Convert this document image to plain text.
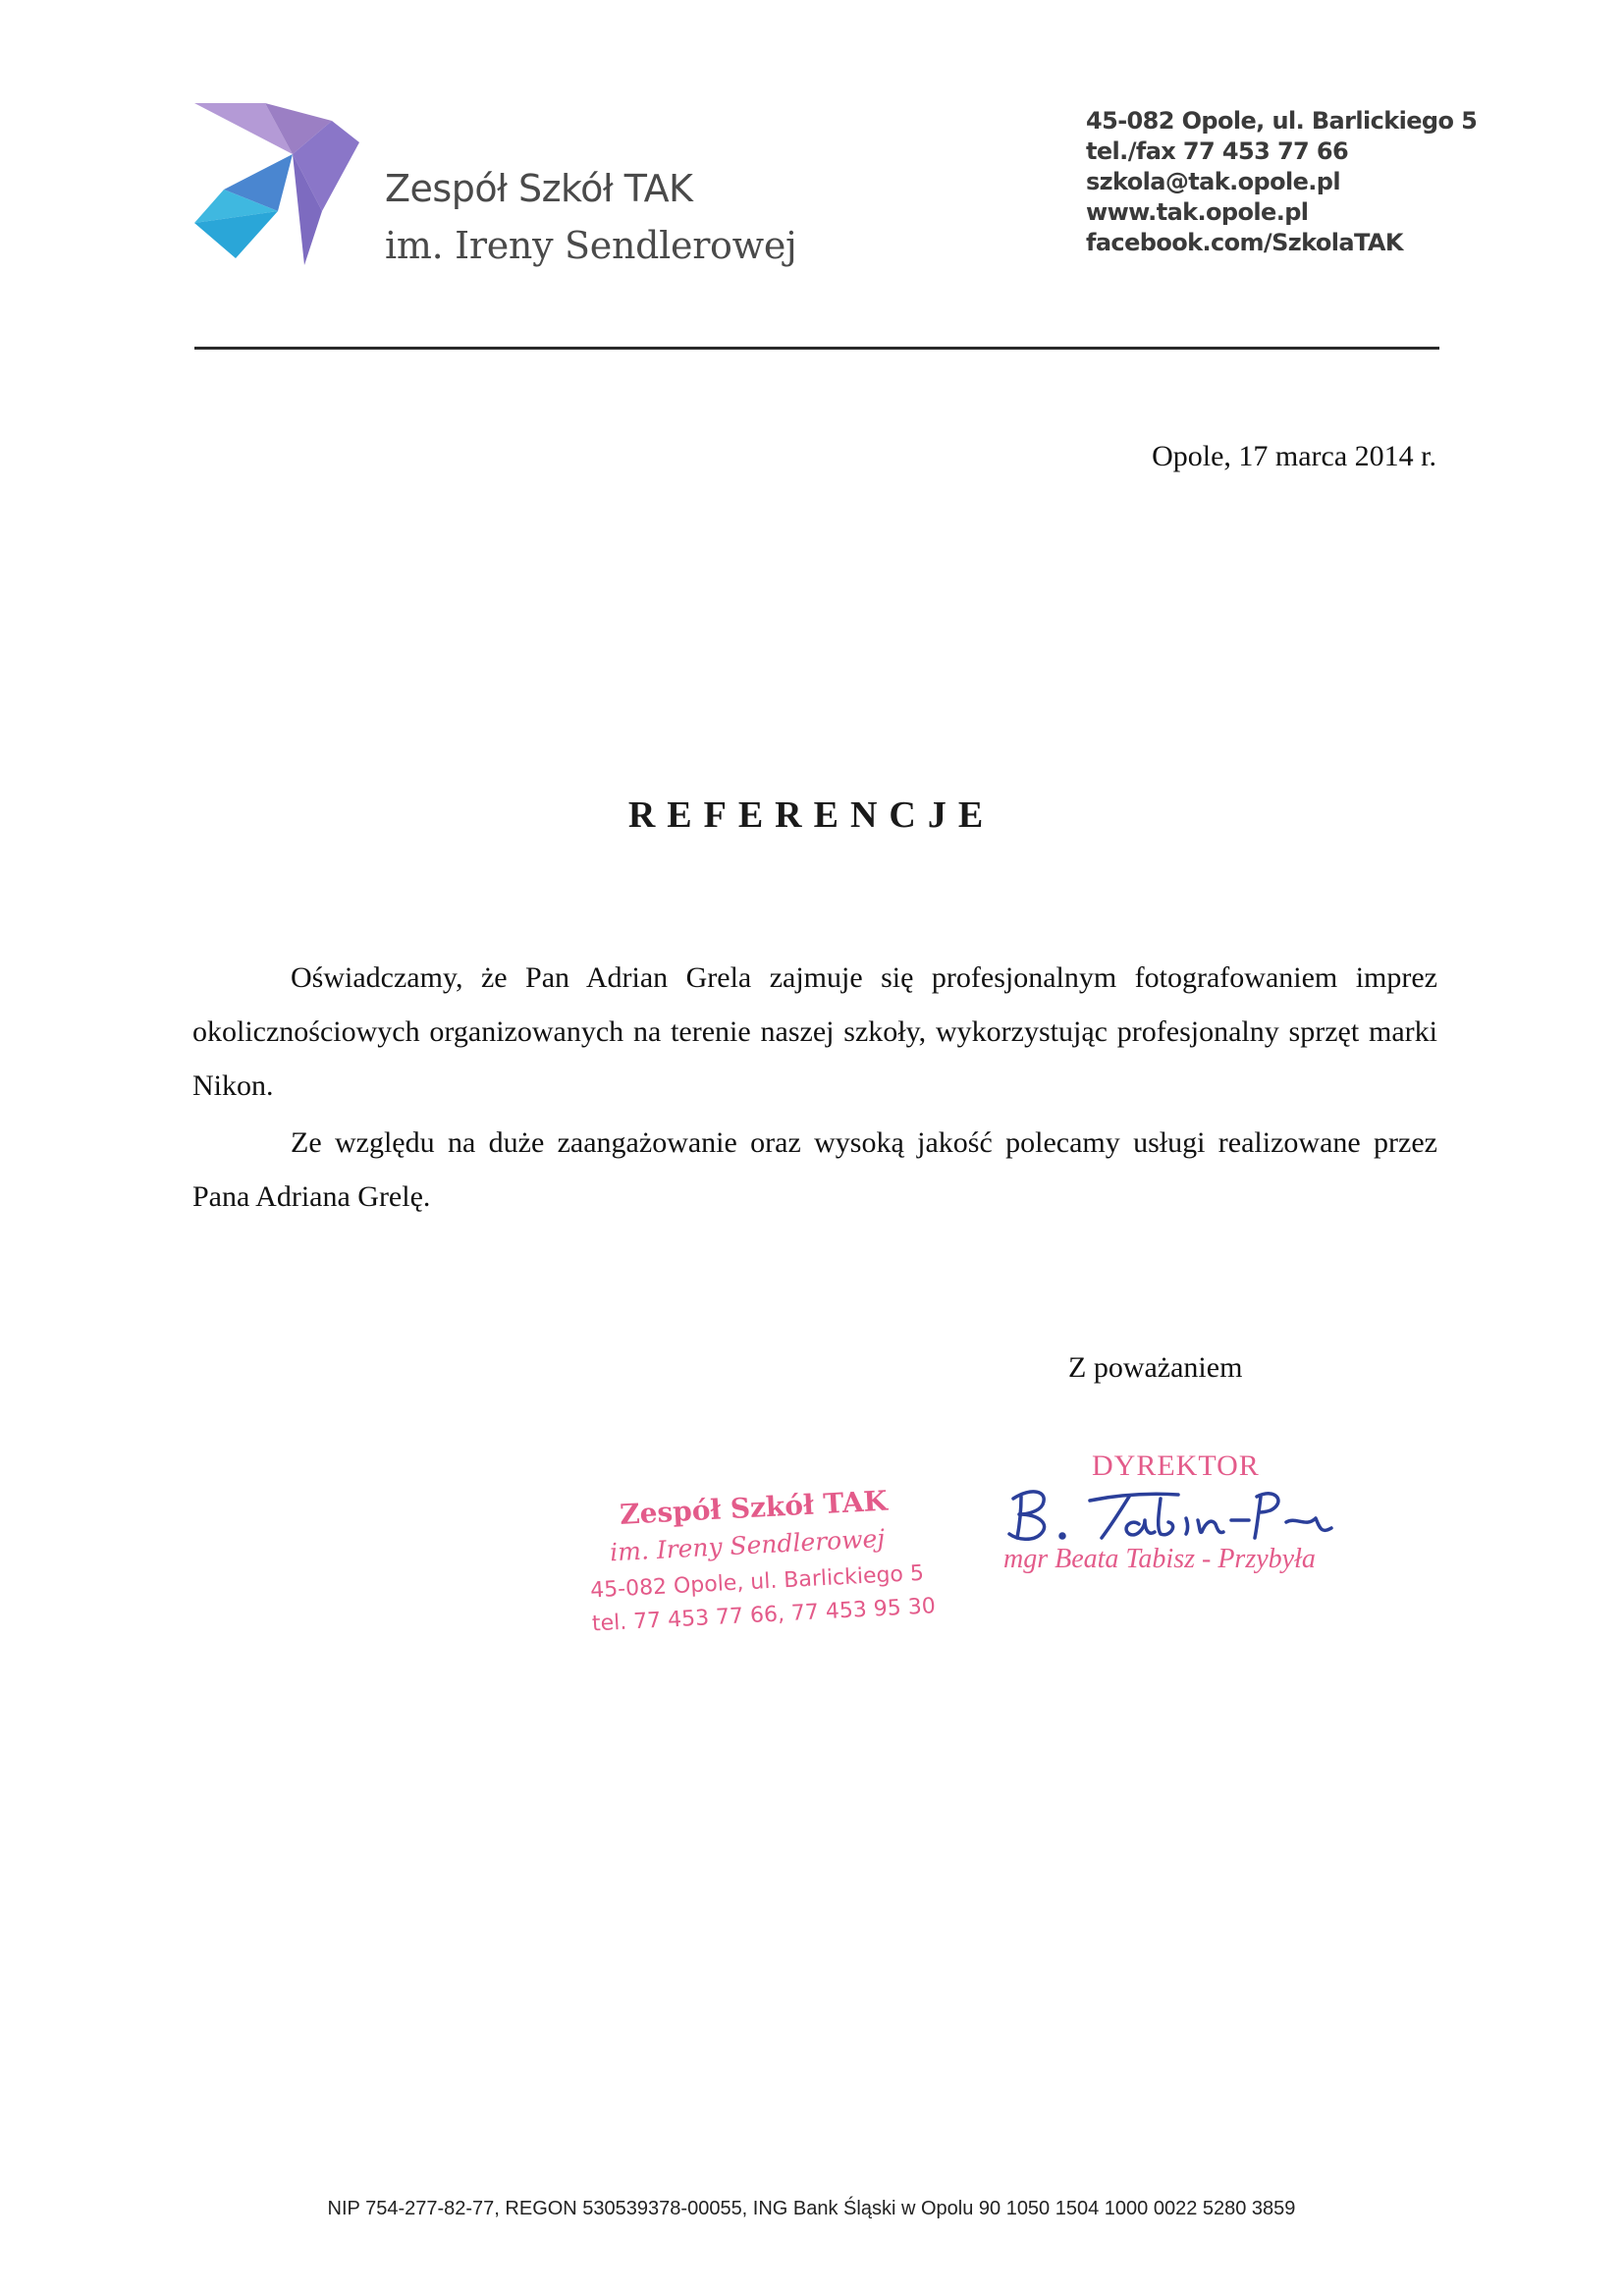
Zespół Szkół TAK
im. Ireny Sendlerowej
45-082 Opole, ul. Barlickiego 5
tel./fax 77 453 77 66
szkola@tak.opole.pl
www.tak.opole.pl
facebook.com/SzkolaTAK
Opole, 17 marca 2014 r.
REFERENCJE

Oświadczamy, że Pan Adrian Grela zajmuje się profesjonalnym fotografowaniem imprez okolicznościowych organizowanych na terenie naszej szkoły, wykorzystując profesjonalny sprzęt marki Nikon.

Ze względu na duże zaangażowanie oraz wysoką jakość polecamy usługi realizowane przez Pana Adriana Grelę.

Z poważaniem
Zespół Szkół TAK
im. Ireny Sendlerowej
45-082 Opole, ul. Barlickiego 5
tel. 77 453 77 66, 77 453 95 30
DYREKTOR
mgr Beata Tabisz - Przybyła
NIP 754-277-82-77, REGON 530539378-00055, ING Bank Śląski w Opolu 90 1050 1504 1000 0022 5280 3859
